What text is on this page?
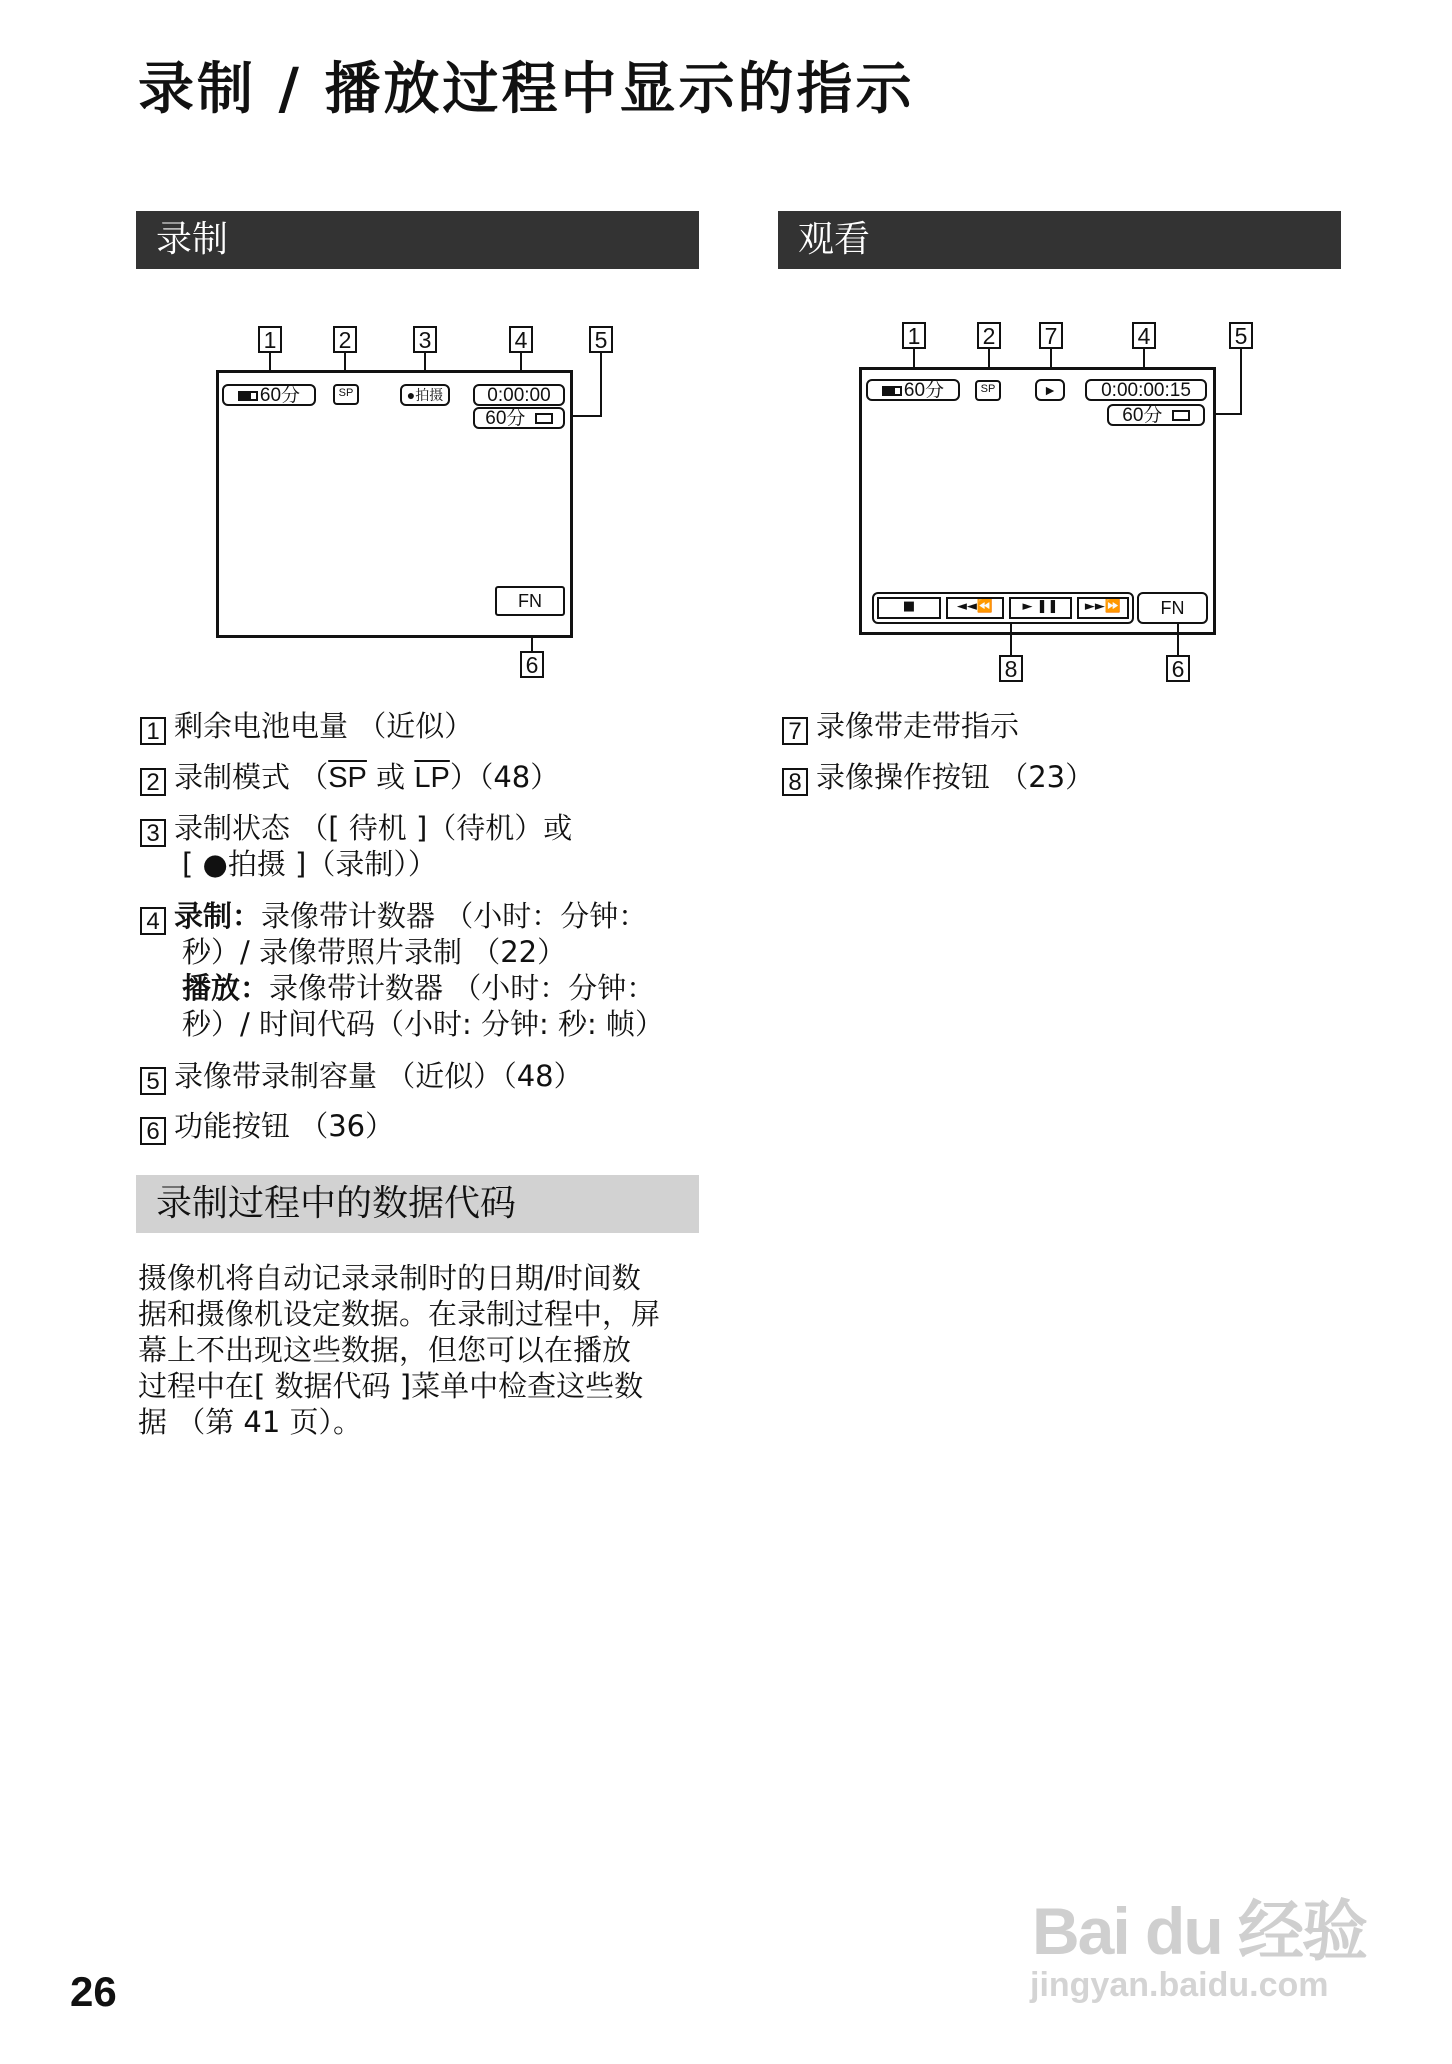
录制 / 播放过程中显示的指示
录制	观看
1	2	3	4	5
60分	SP	●拍摄	0:00:00
60分
FN
6
1	2 7	4	5
60分	SP	►	0:00:00:15
60分
■	◄◄⏪	► ❚❚	►►⏩	FN
8	6
1 剩余电池电量 （近似）
2 录制模式 （$\overline{SP}$ 或 $\overline{LP})(48)$
3 录制状态 （[ 待机 ]（待机）或
[ ●拍摄 ]（录制））
4 录制：录像带计数器 （小时：分钟：
秒）/ 录像带照片录制 （22）
播放：录像带计数器 （小时：分钟：
秒）/ 时间代码（小时: 分钟: 秒: 帧）
5 录像带录制容量 （近似）（48）
6 功能按钮 （36）
7 录像带走带指示
8 录像操作按钮 （23）
录制过程中的数据代码
摄像机将自动记录录制时的日期/时间数
据和摄像机设定数据。在录制过程中，屏
幕上不出现这些数据，但您可以在播放
过程中在[ 数据代码 ]菜单中检查这些数
据 （第 41 页）。
26
Bai du 经验
jingyan.baidu.com
